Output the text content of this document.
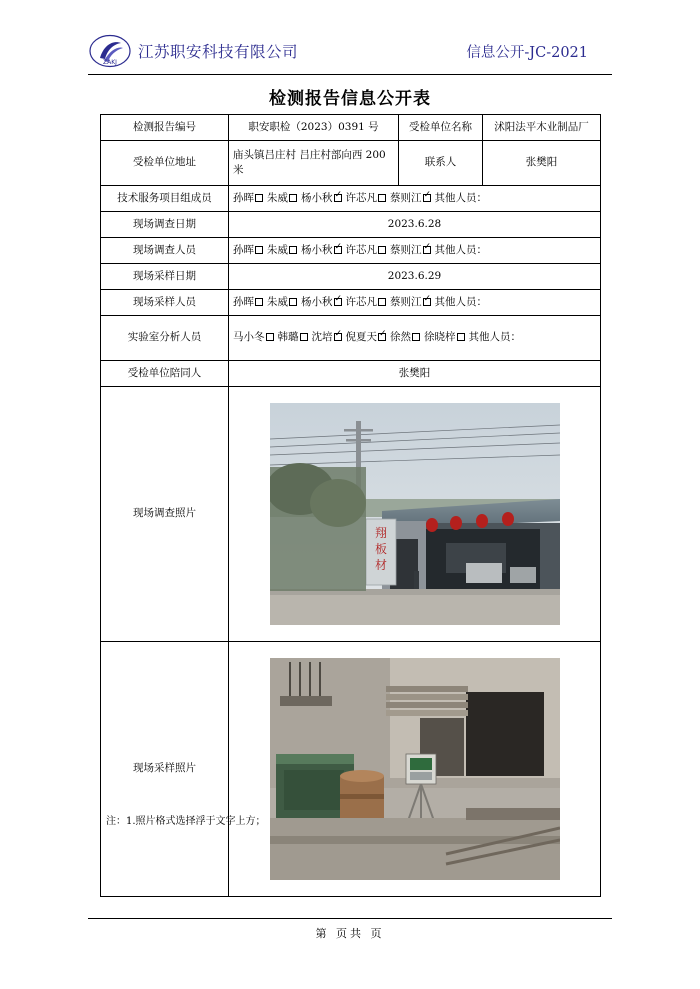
ZAKJ
江苏职安科技有限公司	信息公开-JC-2021
检测报告信息公开表
检测报告编号	职安职检（2023）0391 号	受检单位名称	沭阳法平木业制品厂
受检单位地址	庙头镇吕庄村 吕庄村部向西 200 米	联系人	张樊阳
技术服务项目组成员	孙晖 朱威 杨小秋 ✓ 许芯凡 蔡则江 ✓ 其他人员：
现场调查日期	2023.6.28		
现场调查人员	孙晖 朱威 杨小秋 ✓ 许芯凡 蔡则江 ✓ 其他人员：
现场采样日期	2023.6.29		
现场采样人员	孙晖 朱威 杨小秋 ✓ 许芯凡 蔡则江 ✓ 其他人员：
实验室分析人员	马小冬 韩璐 沈培 ✓ 倪夏天 ✓ 徐然 徐晓梓 其他人员：
受检单位陪同人	张樊阳		
现场调查照片	翔
板
材		

现场采样照片	
注：1.照片格式选择浮于文字上方；
第 页共 页
